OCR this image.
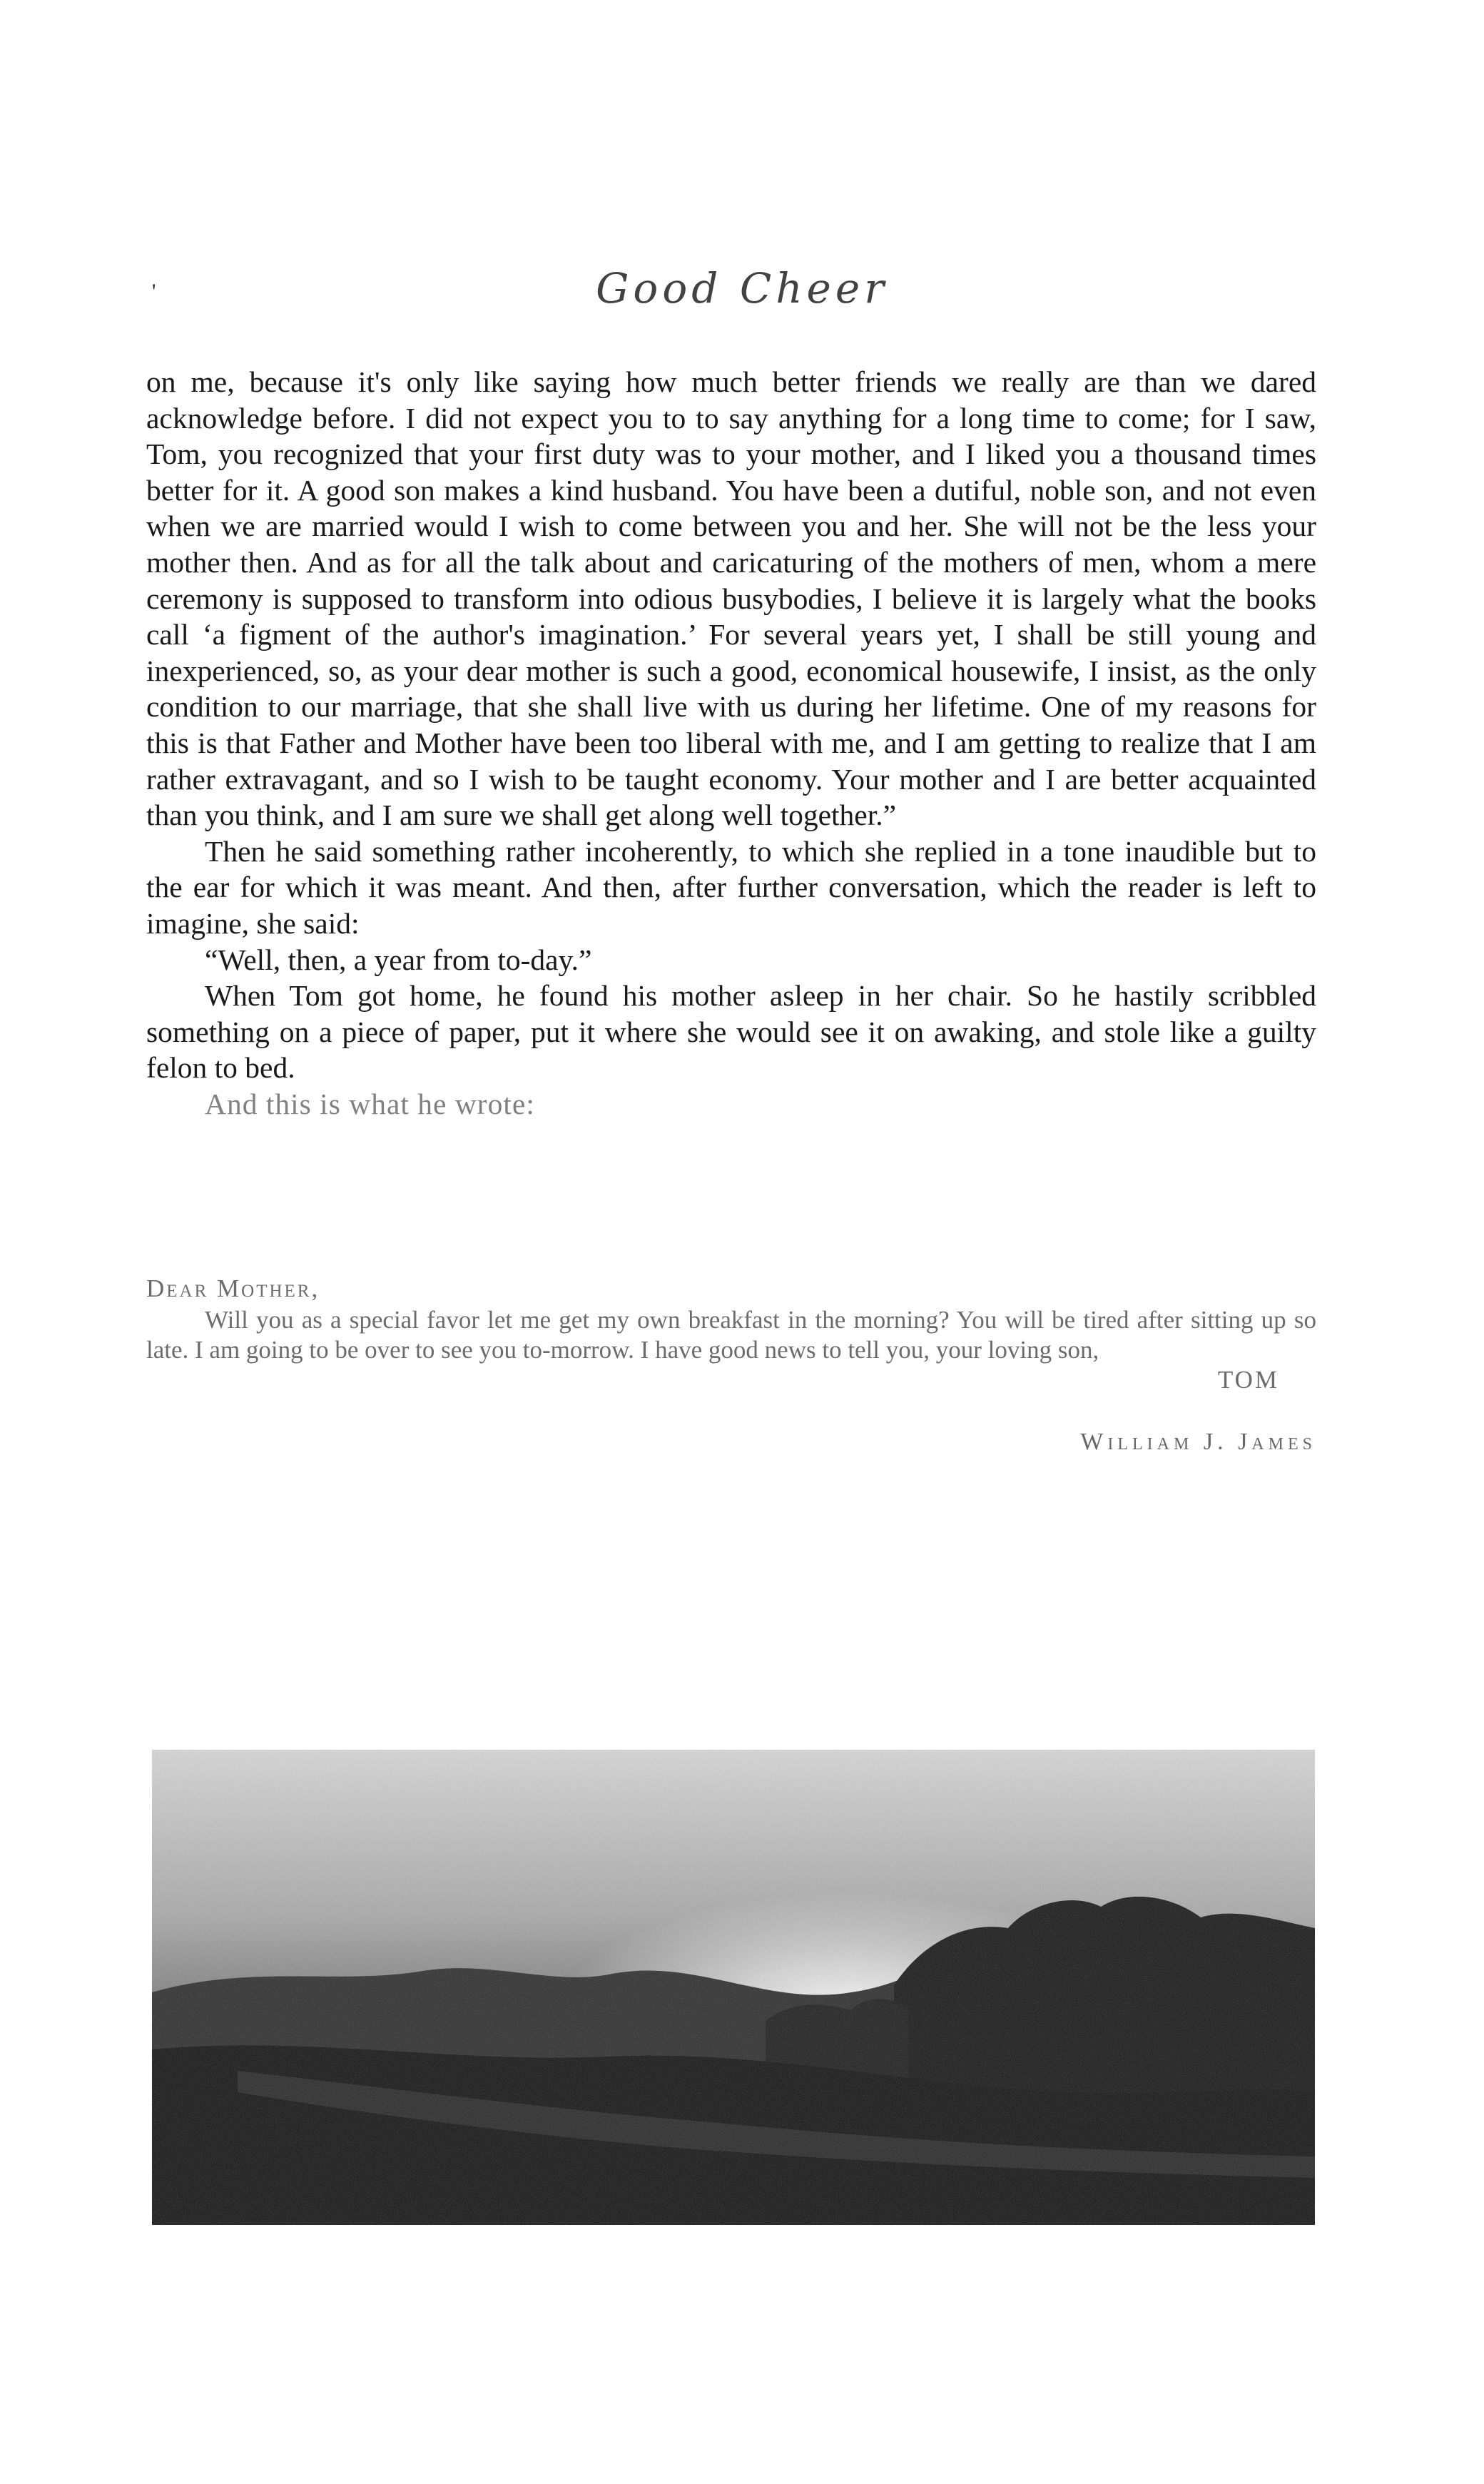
'	Good Cheer

on me, because it's only like saying how much better friends we really are than we dared acknowledge before. I did not expect you to to say anything for a long time to come; for I saw, Tom, you recognized that your first duty was to your mother, and I liked you a thousand times better for it. A good son makes a kind husband. You have been a dutiful, noble son, and not even when we are married would I wish to come between you and her. She will not be the less your mother then. And as for all the talk about and caricaturing of the mothers of men, whom a mere ceremony is supposed to transform into odious busybodies, I believe it is largely what the books call ‘a figment of the author's imagination.’ For several years yet, I shall be still young and inexperienced, so, as your dear mother is such a good, economical housewife, I insist, as the only condition to our marriage, that she shall live with us during her lifetime. One of my reasons for this is that Father and Mother have been too liberal with me, and I am getting to realize that I am rather extravagant, and so I wish to be taught economy. Your mother and I are better acquainted than you think, and I am sure we shall get along well together.”

Then he said something rather incoherently, to which she replied in a tone inaudible but to the ear for which it was meant. And then, after further conversation, which the reader is left to imagine, she said:

“Well, then, a year from to-day.”

When Tom got home, he found his mother asleep in her chair. So he hastily scribbled something on a piece of paper, put it where she would see it on awaking, and stole like a guilty felon to bed.

And this is what he wrote:

Dear Mother,

Will you as a special favor let me get my own breakfast in the morning? You will be tired after sitting up so late. I am going to be over to see you to-morrow. I have good news to tell you, your loving son,

TOM

William J. James
